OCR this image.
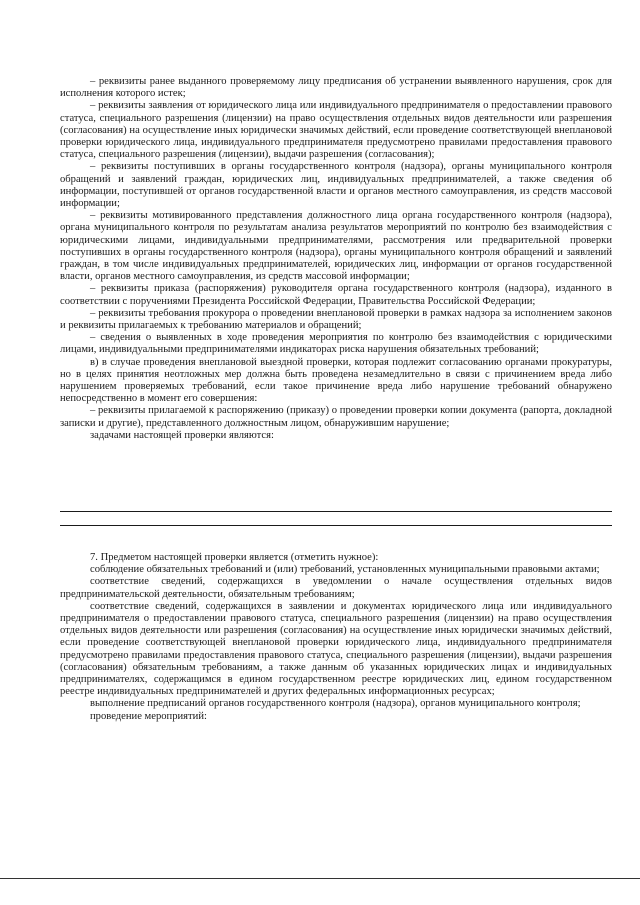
– реквизиты ранее выданного проверяемому лицу предписания об устранении выявленного нарушения, срок для исполнения которого истек;

– реквизиты заявления от юридического лица или индивидуального предпринимателя о предоставлении правового статуса, специального разрешения (лицензии) на право осуществления отдельных видов деятельности или разрешения (согласования) на осуществление иных юридически значимых действий, если проведение соответствующей внеплановой проверки юридического лица, индивидуального предпринимателя предусмотрено правилами предоставления правового статуса, специального разрешения (лицензии), выдачи разрешения (согласования);

– реквизиты поступивших в органы государственного контроля (надзора), органы муниципального контроля обращений и заявлений граждан, юридических лиц, индивидуальных предпринимателей, а также сведения об информации, поступившей от органов государственной власти и органов местного самоуправления, из средств массовой информации;

– реквизиты мотивированного представления должностного лица органа государственного контроля (надзора), органа муниципального контроля по результатам анализа результатов мероприятий по контролю без взаимодействия с юридическими лицами, индивидуальными предпринимателями, рассмотрения или предварительной проверки поступивших в органы государственного контроля (надзора), органы муниципального контроля обращений и заявлений граждан, в том числе индивидуальных предпринимателей, юридических лиц, информации от органов государственной власти, органов местного самоуправления, из средств массовой информации;

– реквизиты приказа (распоряжения) руководителя органа государственного контроля (надзора), изданного в соответствии с поручениями Президента Российской Федерации, Правительства Российской Федерации;

– реквизиты требования прокурора о проведении внеплановой проверки в рамках надзора за исполнением законов и реквизиты прилагаемых к требованию материалов и обращений;

– сведения о выявленных в ходе проведения мероприятия по контролю без взаимодействия с юридическими лицами, индивидуальными предпринимателями индикаторах риска нарушения обязательных требований;

в) в случае проведения внеплановой выездной проверки, которая подлежит согласованию органами прокуратуры, но в целях принятия неотложных мер должна быть проведена незамедлительно в связи с причинением вреда либо нарушением проверяемых требований, если такое причинение вреда либо нарушение требований обнаружено непосредственно в момент его совершения:

– реквизиты прилагаемой к распоряжению (приказу) о проведении проверки копии документа (рапорта, докладной записки и другие), представленного должностным лицом, обнаружившим нарушение;

задачами настоящей проверки являются:

7. Предметом настоящей проверки является (отметить нужное):

соблюдение обязательных требований и (или) требований, установленных муниципальными правовыми актами;

соответствие сведений, содержащихся в уведомлении о начале осуществления отдельных видов предпринимательской деятельности, обязательным требованиям;

соответствие сведений, содержащихся в заявлении и документах юридического лица или индивидуального предпринимателя о предоставлении правового статуса, специального разрешения (лицензии) на право осуществления отдельных видов деятельности или разрешения (согласования) на осуществление иных юридически значимых действий, если проведение соответствующей внеплановой проверки юридического лица, индивидуального предпринимателя предусмотрено правилами предоставления правового статуса, специального разрешения (лицензии), выдачи разрешения (согласования) обязательным требованиям, а также данным об указанных юридических лицах и индивидуальных предпринимателях, содержащимся в едином государственном реестре юридических лиц, едином государственном реестре индивидуальных предпринимателей и других федеральных информационных ресурсах;

выполнение предписаний органов государственного контроля (надзора), органов муниципального контроля;

проведение мероприятий:
